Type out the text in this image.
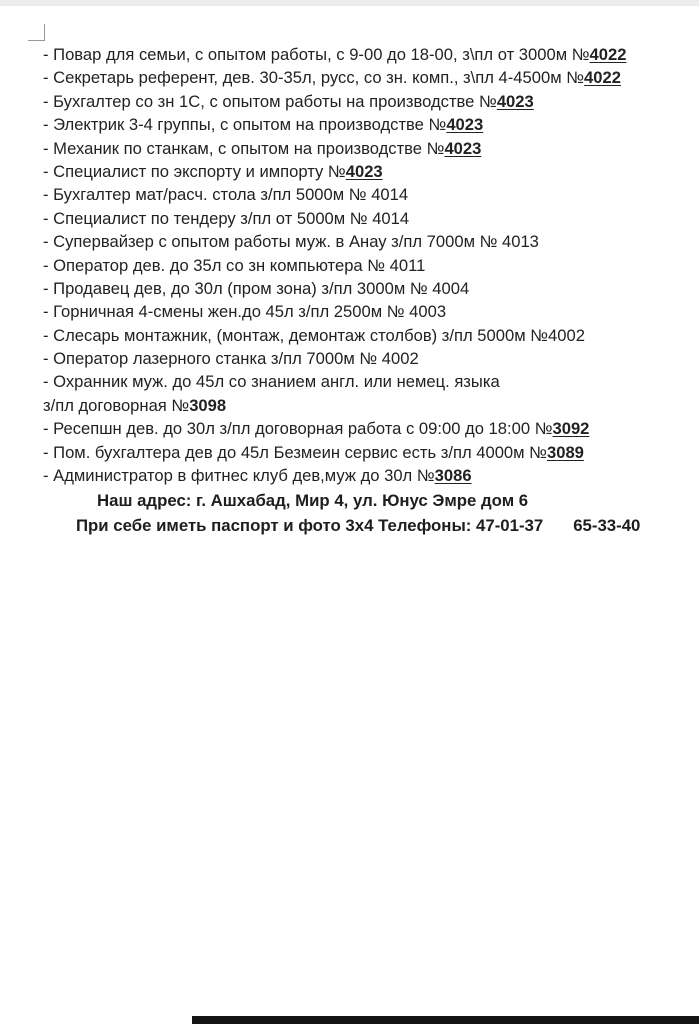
- Повар для семьи, с опытом работы, с 9-00 до 18-00, з\пл от 3000м №4022
- Секретарь референт, дев. 30-35л, русс, со зн. комп., з\пл 4-4500м №4022
- Бухгалтер со зн 1С, с опытом работы на производстве №4023
- Электрик 3-4 группы, с опытом на производстве №4023
- Механик по станкам, с опытом на производстве №4023
- Специалист по экспорту и импорту №4023
- Бухгалтер мат/расч. стола з/пл 5000м № 4014
- Специалист по тендеру з/пл от 5000м № 4014
- Супервайзер с опытом работы муж. в Анау з/пл 7000м № 4013
- Оператор дев. до 35л со зн компьютера № 4011
- Продавец дев, до 30л (пром зона) з/пл 3000м № 4004
- Горничная 4-смены жен.до 45л з/пл 2500м № 4003
- Слесарь монтажник, (монтаж, демонтаж столбов) з/пл 5000м №4002
- Оператор лазерного станка з/пл 7000м № 4002
- Охранник муж. до 45л со знанием англ. или немец. языка
з/пл договорная №3098
- Ресепшн дев. до 30л з/пл договорная работа с 09:00 до 18:00 №3092
- Пом. бухгалтера дев до 45л Безмеин сервис есть з/пл 4000м №3089
- Администратор в фитнес клуб дев,муж до 30л №3086
Наш адрес: г. Ашхабад, Мир 4, ул. Юнус Эмре дом 6
При себе иметь паспорт и фото 3х4 Телефоны: 47-01-37 65-33-40
